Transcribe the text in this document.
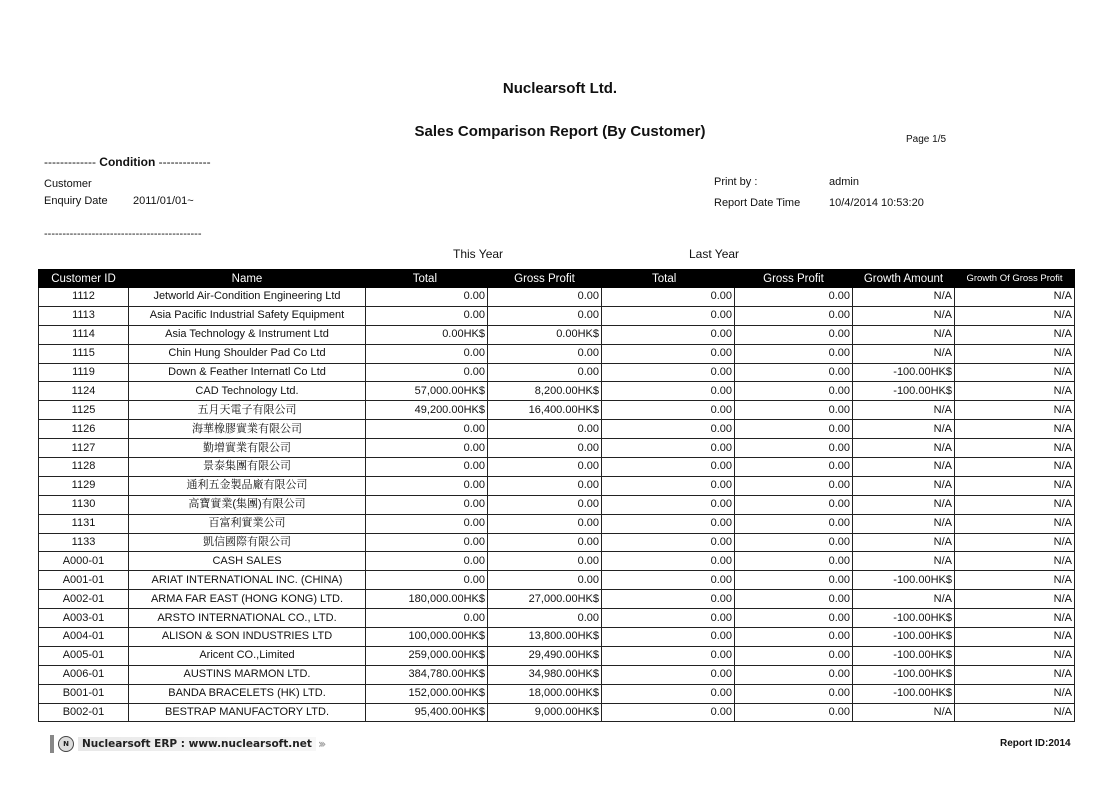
Nuclearsoft Ltd.
Sales Comparison Report (By Customer)	Page 1/5
------------- Condition -------------
Customer
Enquiry Date 2011/01/01~
Print by :	admin
Report Date Time	10/4/2014 10:53:20
-------------------------------------------
This Year	Last Year
Customer ID	Name	Total	Gross Profit	Total	Gross Profit	Growth Amount	Growth Of Gross Profit
1112	Jetworld Air-Condition Engineering Ltd	0.00	0.00	0.00	0.00	N/A	N/A
1113	Asia Pacific Industrial Safety Equipment	0.00	0.00	0.00	0.00	N/A	N/A
1114	Asia Technology & Instrument Ltd	0.00HK$	0.00HK$	0.00	0.00	N/A	N/A
1115	Chin Hung Shoulder Pad Co Ltd	0.00	0.00	0.00	0.00	N/A	N/A
1119	Down & Feather Internatl Co Ltd	0.00	0.00	0.00	0.00	-100.00HK$	N/A
1124	CAD Technology Ltd.	57,000.00HK$	8,200.00HK$	0.00	0.00	-100.00HK$	N/A
1125	五月天電子有限公司	49,200.00HK$	16,400.00HK$	0.00	0.00	N/A	N/A
1126	海華橡膠實業有限公司	0.00	0.00	0.00	0.00	N/A	N/A
1127	勤增實業有限公司	0.00	0.00	0.00	0.00	N/A	N/A
1128	景泰集團有限公司	0.00	0.00	0.00	0.00	N/A	N/A
1129	通利五金製品廠有限公司	0.00	0.00	0.00	0.00	N/A	N/A
1130	高寶實業(集團)有限公司	0.00	0.00	0.00	0.00	N/A	N/A
1131	百富利實業公司	0.00	0.00	0.00	0.00	N/A	N/A
1133	凱信國際有限公司	0.00	0.00	0.00	0.00	N/A	N/A
A000-01	CASH SALES	0.00	0.00	0.00	0.00	N/A	N/A
A001-01	ARIAT INTERNATIONAL INC. (CHINA)	0.00	0.00	0.00	0.00	-100.00HK$	N/A
A002-01	ARMA FAR EAST (HONG KONG) LTD.	180,000.00HK$	27,000.00HK$	0.00	0.00	N/A	N/A
A003-01	ARSTO INTERNATIONAL CO., LTD.	0.00	0.00	0.00	0.00	-100.00HK$	N/A
A004-01	ALISON & SON INDUSTRIES LTD	100,000.00HK$	13,800.00HK$	0.00	0.00	-100.00HK$	N/A
A005-01	Aricent CO.,Limited	259,000.00HK$	29,490.00HK$	0.00	0.00	-100.00HK$	N/A
A006-01	AUSTINS MARMON LTD.	384,780.00HK$	34,980.00HK$	0.00	0.00	-100.00HK$	N/A
B001-01	BANDA BRACELETS (HK) LTD.	152,000.00HK$	18,000.00HK$	0.00	0.00	-100.00HK$	N/A
B002-01	BESTRAP MANUFACTORY LTD.	95,400.00HK$	9,000.00HK$	0.00	0.00	N/A	N/A
N	Nuclearsoft ERP : www.nuclearsoft.net ›››	Report ID:2014
